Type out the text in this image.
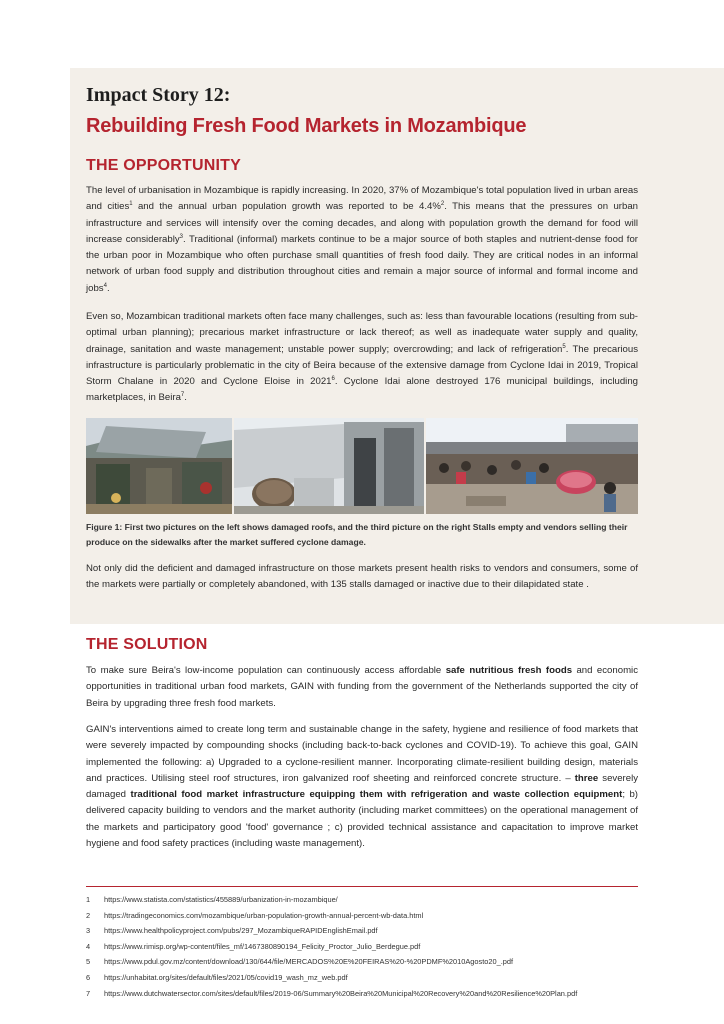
Impact Story 12:
Rebuilding Fresh Food Markets in Mozambique
THE OPPORTUNITY

The level of urbanisation in Mozambique is rapidly increasing. In 2020, 37% of Mozambique's total population lived in urban areas and cities$^1$ and the annual urban population growth was reported to be 4.4%$^2$. This means that the pressures on urban infrastructure and services will intensify over the coming decades, and along with population growth the demand for food will increase considerably$^3$. Traditional (informal) markets continue to be a major source of both staples and nutrient-dense food for the urban poor in Mozambique who often purchase small quantities of fresh food daily. They are critical nodes in an informal network of urban food supply and distribution throughout cities and remain a major source of informal and formal income and jobs$^4$.

Even so, Mozambican traditional markets often face many challenges, such as: less than favourable locations (resulting from sub-optimal urban planning); precarious market infrastructure or lack thereof; as well as inadequate water supply and quality, drainage, sanitation and waste management; unstable power supply; overcrowding; and lack of refrigeration$^5$. The precarious infrastructure is particularly problematic in the city of Beira because of the extensive damage from Cyclone Idai in 2019, Tropical Storm Chalane in 2020 and Cyclone Eloise in 2021$^6$. Cyclone Idai alone destroyed 176 municipal buildings, including marketplaces, in Beira$^7$.

Figure 1: First two pictures on the left shows damaged roofs, and the third picture on the right Stalls empty and vendors selling their produce on the sidewalks after the market suffered cyclone damage.

Not only did the deficient and damaged infrastructure on those markets present health risks to vendors and consumers, some of the markets were partially or completely abandoned, with 135 stalls damaged or inactive due to their dilapidated state .

THE SOLUTION

To make sure Beira's low-income population can continuously access affordable safe nutritious fresh foods and economic opportunities in traditional urban food markets, GAIN with funding from the government of the Netherlands supported the city of Beira by upgrading three fresh food markets.

GAIN's interventions aimed to create long term and sustainable change in the safety, hygiene and resilience of food markets that were severely impacted by compounding shocks (including back-to-back cyclones and COVID-19). To achieve this goal, GAIN implemented the following: a) Upgraded to a cyclone-resilient manner. Incorporating climate-resilient building design, materials and practices. Utilising steel roof structures, iron galvanized roof sheeting and reinforced concrete structure. – three severely damaged traditional food market infrastructure equipping them with refrigeration and waste collection equipment; b) delivered capacity building to vendors and the market authority (including market committees) on the operational management of the markets and participatory good 'food' governance ; c) provided technical assistance and capacitation to improve market hygiene and food safety practices (including waste management).

1	https://www.statista.com/statistics/455889/urbanization-in-mozambique/
2	https://tradingeconomics.com/mozambique/urban-population-growth-annual-percent-wb-data.html
3	https://www.healthpolicyproject.com/pubs/297_MozambiqueRAPIDEnglishEmail.pdf
4	https://www.rimisp.org/wp-content/files_mf/1467380890194_Felicity_Proctor_Julio_Berdegue.pdf
5	https://www.pdul.gov.mz/content/download/130/644/file/MERCADOS%20E%20FEIRAS%20-%20PDMF%2010Agosto20_.pdf
6	https://unhabitat.org/sites/default/files/2021/05/covid19_wash_mz_web.pdf
7	https://www.dutchwatersector.com/sites/default/files/2019-06/Summary%20Beira%20Municipal%20Recovery%20and%20Resilience%20Plan.pdf
